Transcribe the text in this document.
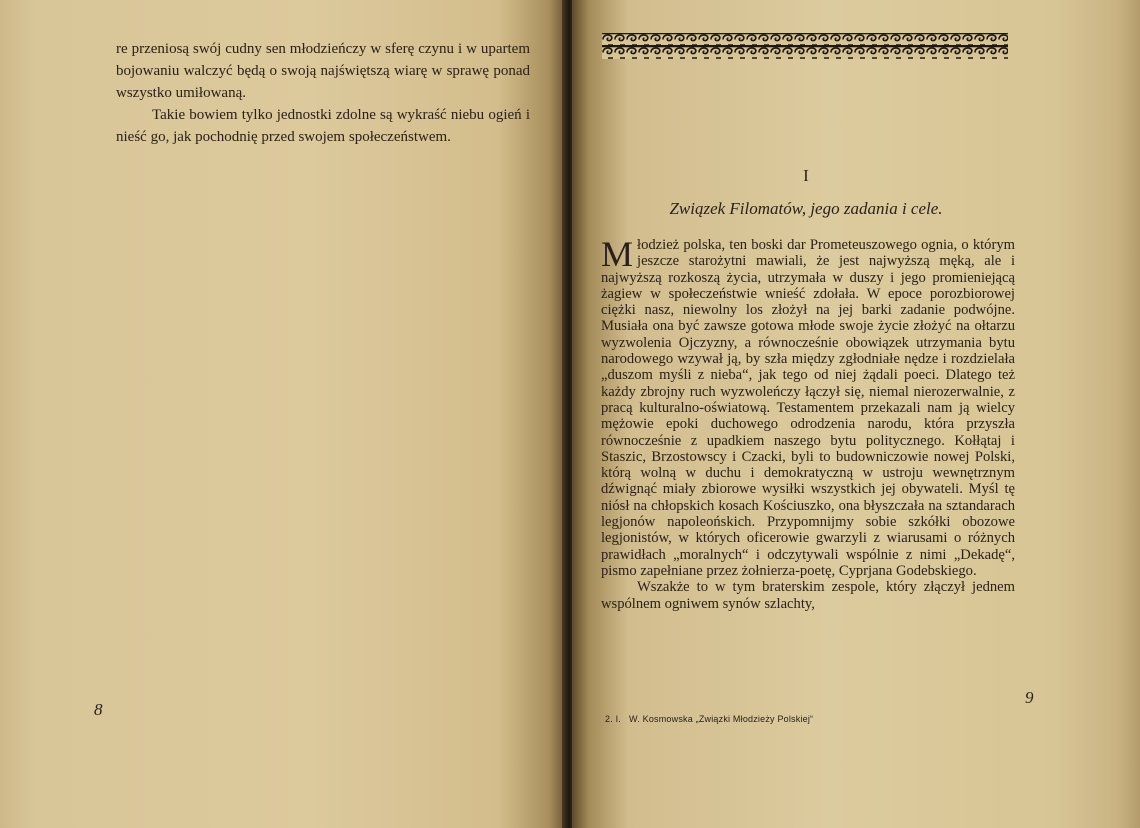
re przeniosą swój cudny sen młodzieńczy w sferę czynu i w upartem bojowaniu walczyć będą o swoją najświętszą wiarę w sprawę ponad wszystko umiłowaną.

Takie bowiem tylko jednostki zdolne są wykraść niebu ogień i nieść go, jak pochodnię przed swojem społeczeństwem.

8
I
Związek Filomatów, jego zadania i cele.

Młodzież polska, ten boski dar Prometeuszowego ognia, o którym jeszcze starożytni mawiali, że jest najwyższą męką, ale i najwyższą rozkoszą życia, utrzymała w duszy i jego promieniejącą żagiew w społeczeństwie wnieść zdołała. W epoce porozbiorowej ciężki nasz, niewolny los złożył na jej barki zadanie podwójne. Musiała ona być zawsze gotowa młode swoje życie złożyć na ołtarzu wyzwolenia Ojczyzny, a równocześnie obowiązek utrzymania bytu narodowego wzywał ją, by szła między zgłodniałe nędze i rozdzielała „duszom myśli z nieba“, jak tego od niej żądali poeci. Dlatego też każdy zbrojny ruch wyzwoleńczy łączył się, niemal nierozerwalnie, z pracą kulturalno-oświatową. Testamentem przekazali nam ją wielcy mężowie epoki duchowego odrodzenia narodu, która przyszła równocześnie z upadkiem naszego bytu politycznego. Kołłątaj i Staszic, Brzostowscy i Czacki, byli to budowniczowie nowej Polski, którą wolną w duchu i demokratyczną w ustroju wewnętrznym dźwignąć miały zbiorowe wysiłki wszystkich jej obywateli. Myśl tę niósł na chłopskich kosach Kościuszko, ona błyszczała na sztandarach legjonów napoleońskich. Przypomnijmy sobie szkółki obozowe legjonistów, w których oficerowie gwarzyli z wiarusami o różnych prawidłach „moralnych“ i odczytywali wspólnie z nimi „Dekadę“, pismo zapełniane przez żołnierza-poetę, Cyprjana Godebskiego.

Wszakże to w tym braterskim zespole, który złączył jednem wspólnem ogniwem synów szlachty,

9
2. I. W. Kosmowska „Związki Młodzieży Polskiej“
